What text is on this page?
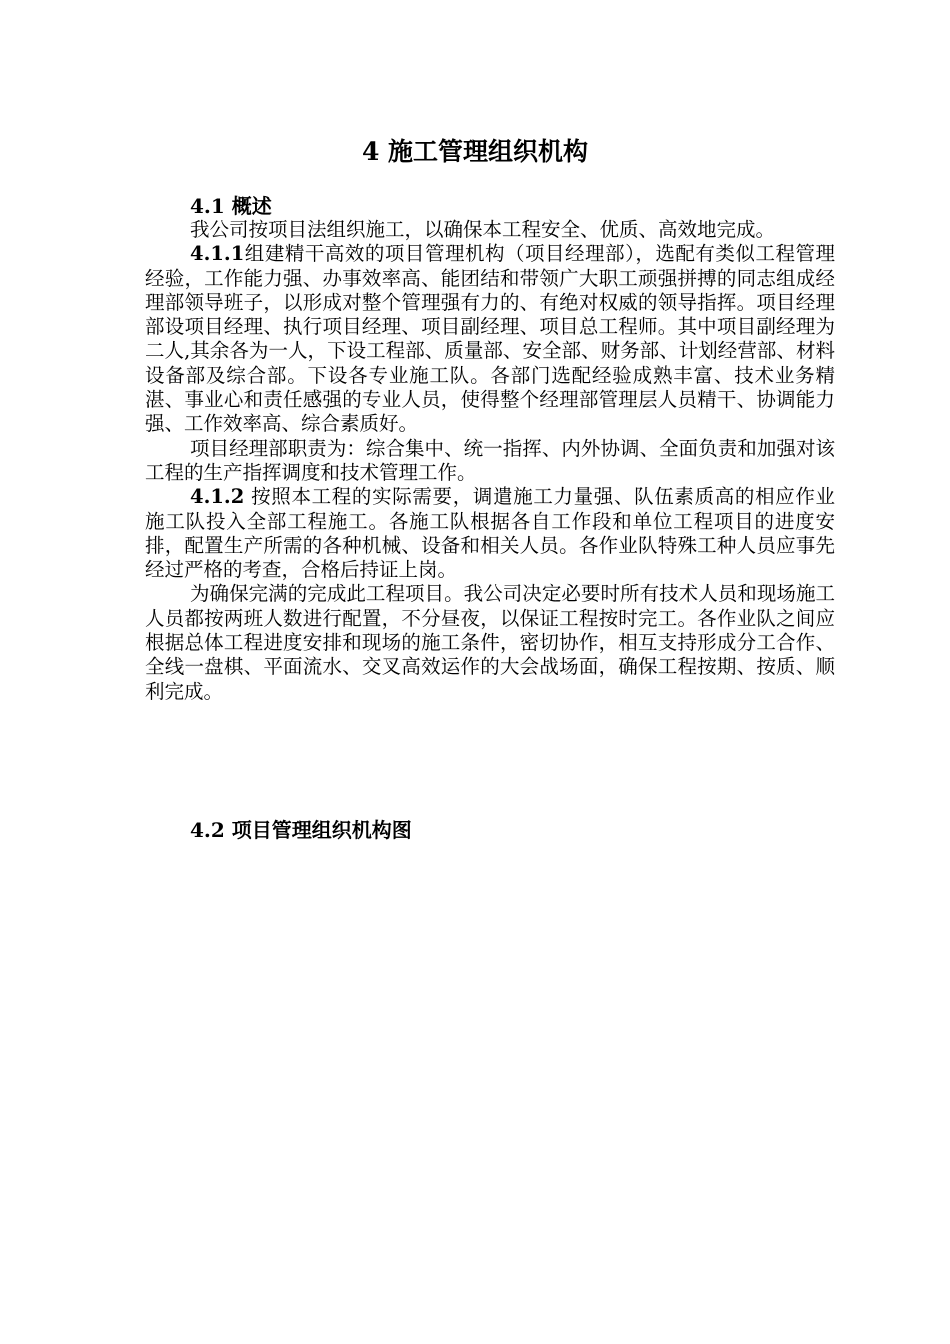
4 施工管理组织机构
4.1 概述

我公司按项目法组织施工，以确保本工程安全、优质、高效地完成。

4.1.1组建精干高效的项目管理机构（项目经理部），选配有类似工程管理经验，工作能力强、办事效率高、能团结和带领广大职工顽强拼搏的同志组成经理部领导班子，以形成对整个管理强有力的、有绝对权威的领导指挥。项目经理部设项目经理、执行项目经理、项目副经理、项目总工程师。其中项目副经理为二人,其余各为一人，下设工程部、质量部、安全部、财务部、计划经营部、材料设备部及综合部。下设各专业施工队。各部门选配经验成熟丰富、技术业务精湛、事业心和责任感强的专业人员，使得整个经理部管理层人员精干、协调能力强、工作效率高、综合素质好。

项目经理部职责为：综合集中、统一指挥、内外协调、全面负责和加强对该工程的生产指挥调度和技术管理工作。

4.1.2 按照本工程的实际需要，调遣施工力量强、队伍素质高的相应作业施工队投入全部工程施工。各施工队根据各自工作段和单位工程项目的进度安排，配置生产所需的各种机械、设备和相关人员。各作业队特殊工种人员应事先经过严格的考查，合格后持证上岗。

为确保完满的完成此工程项目。我公司决定必要时所有技术人员和现场施工人员都按两班人数进行配置，不分昼夜，以保证工程按时完工。各作业队之间应根据总体工程进度安排和现场的施工条件，密切协作，相互支持形成分工合作、全线一盘棋、平面流水、交叉高效运作的大会战场面，确保工程按期、按质、顺利完成。

4.2 项目管理组织机构图
